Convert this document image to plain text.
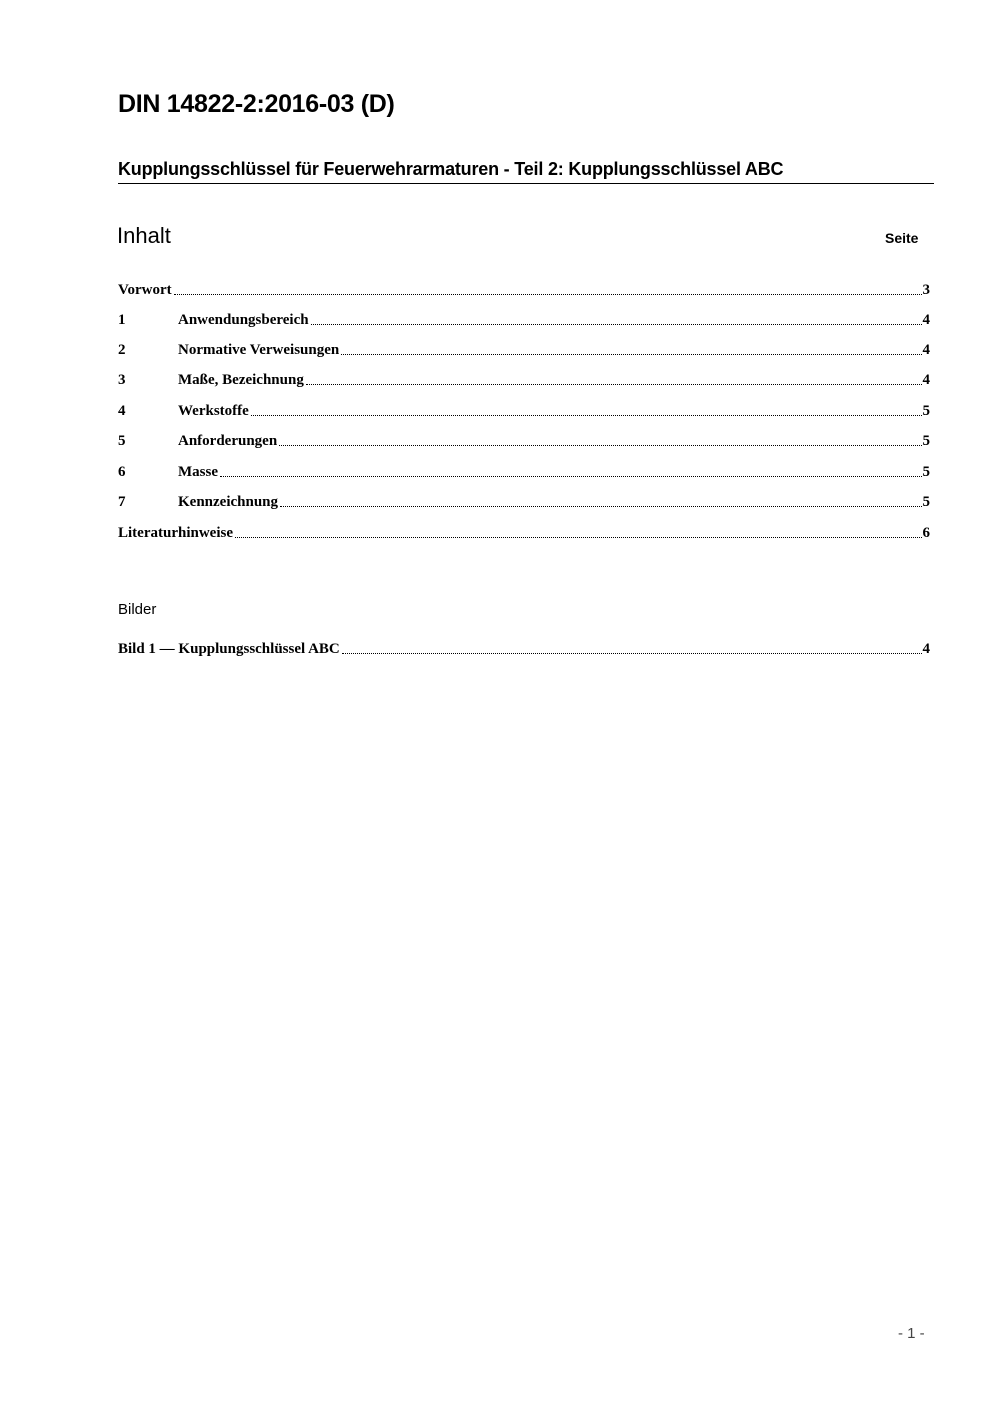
DIN 14822-2:2016-03 (D)
Kupplungsschlüssel für Feuerwehrarmaturen - Teil 2: Kupplungsschlüssel ABC
Inhalt	Seite
Vorwort	3
1	Anwendungsbereich	4
2	Normative Verweisungen	4
3	Maße, Bezeichnung	4
4	Werkstoffe	5
5	Anforderungen	5
6	Masse	5
7	Kennzeichnung	5
Literaturhinweise	6
Bilder
Bild 1 — Kupplungsschlüssel ABC	4
- 1 -
